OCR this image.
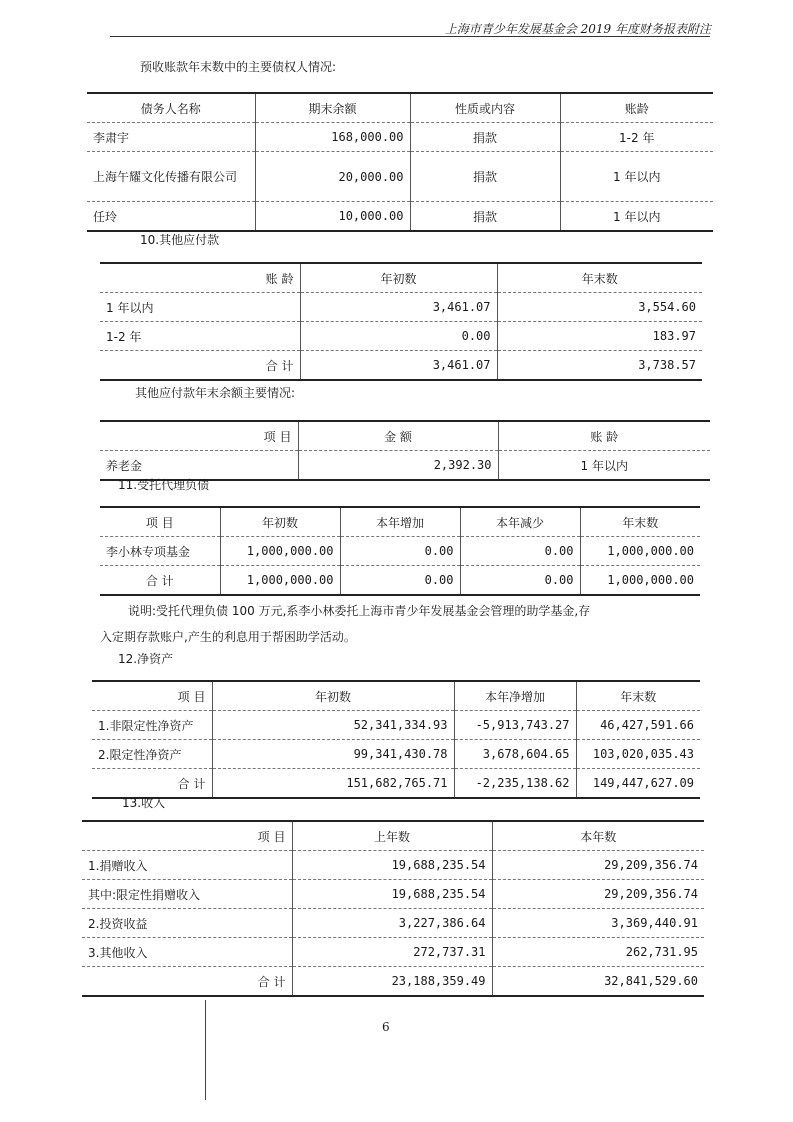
上海市青少年发展基金会 2019 年度财务报表附注
预收账款年末数中的主要债权人情况:
债务人名称	期末余额	性质或内容	账龄
李肃宇	168,000.00	捐款	1-2 年
上海午耀文化传播有限公司	20,000.00	捐款	1 年以内
任玲	10,000.00	捐款	1 年以内
10.其他应付款
账 龄	年初数	年末数
1 年以内	3,461.07	3,554.60
1-2 年	0.00	183.97
合 计	3,461.07	3,738.57
其他应付款年末余额主要情况:
项 目	金 额	账 龄
养老金	2,392.30	1 年以内
11.受托代理负债
项 目	年初数	本年增加	本年减少	年末数
李小林专项基金	1,000,000.00	0.00	0.00	1,000,000.00
合 计	1,000,000.00	0.00	0.00	1,000,000.00
说明:受托代理负债 100 万元,系李小林委托上海市青少年发展基金会管理的助学基金,存
入定期存款账户,产生的利息用于帮困助学活动。
12.净资产
项 目	年初数	本年净增加	年末数
1.非限定性净资产	52,341,334.93	-5,913,743.27	46,427,591.66
2.限定性净资产	99,341,430.78	3,678,604.65	103,020,035.43
合 计	151,682,765.71	-2,235,138.62	149,447,627.09
13.收入
项 目	上年数	本年数
1.捐赠收入	19,688,235.54	29,209,356.74
其中:限定性捐赠收入	19,688,235.54	29,209,356.74
2.投资收益	3,227,386.64	3,369,440.91
3.其他收入	272,737.31	262,731.95
合 计	23,188,359.49	32,841,529.60
6
